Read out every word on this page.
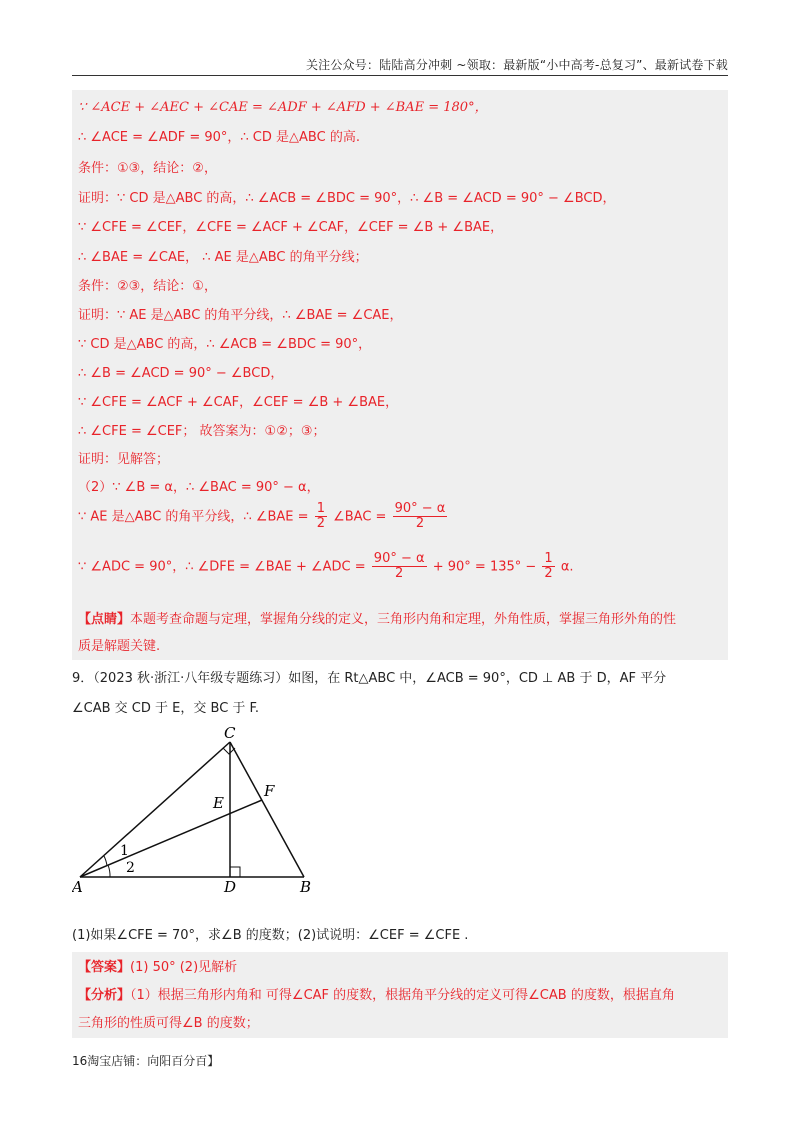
关注公众号：陆陆高分冲刺 ~领取：最新版“小中高考-总复习”、最新试卷下载
∵ ∠ACE + ∠AEC + ∠CAE = ∠ADF + ∠AFD + ∠BAE = 180°，
∴ ∠ACE = ∠ADF = 90°，∴ CD 是△ABC 的高.
条件：①③，结论：②，
证明：∵ CD 是△ABC 的高，∴ ∠ACB = ∠BDC = 90°，∴ ∠B = ∠ACD = 90° − ∠BCD，
∵ ∠CFE = ∠CEF，∠CFE = ∠ACF + ∠CAF，∠CEF = ∠B + ∠BAE，
∴ ∠BAE = ∠CAE， ∴ AE 是△ABC 的角平分线；
条件：②③，结论：①，
证明：∵ AE 是△ABC 的角平分线，∴ ∠BAE = ∠CAE，
∵ CD 是△ABC 的高，∴ ∠ACB = ∠BDC = 90°，
∴ ∠B = ∠ACD = 90° − ∠BCD，
∵ ∠CFE = ∠ACF + ∠CAF，∠CEF = ∠B + ∠BAE，
∴ ∠CFE = ∠CEF； 故答案为：①②；③；
证明：见解答；
（2）∵ ∠B = α，∴ ∠BAC = 90° − α，
∵ AE 是△ABC 的角平分线，∴ ∠BAE = $\frac{1}{2}$ ∠BAC = $\frac{90^\circ - \alpha}{2}$
∵ ∠ADC = 90°，∴ ∠DFE = ∠BAE + ∠ADC = $\frac{90^\circ - \alpha}{2} + 90^\circ = 135^\circ - \frac{1}{2} \alpha$.
【点睛】本题考查命题与定理，掌握角分线的定义，三角形内角和定理，外角性质，掌握三角形外角的性
质是解题关键.
9．（2023 秋·浙江·八年级专题练习）如图，在 Rt△ABC 中，∠ACB = 90°，CD ⊥ AB 于 D，AF 平分
∠CAB 交 CD 于 E，交 BC 于 F.
C
A	D	B
E
F
1
2
(1)如果∠CFE = 70°，求∠B 的度数；(2)试说明：∠CEF = ∠CFE .
【答案】(1) 50° (2)见解析
【分析】（1）根据三角形内角和 可得∠CAF 的度数，根据角平分线的定义可得∠CAB 的度数，根据直角
三角形的性质可得∠B 的度数；
16淘宝店铺：向阳百分百】
